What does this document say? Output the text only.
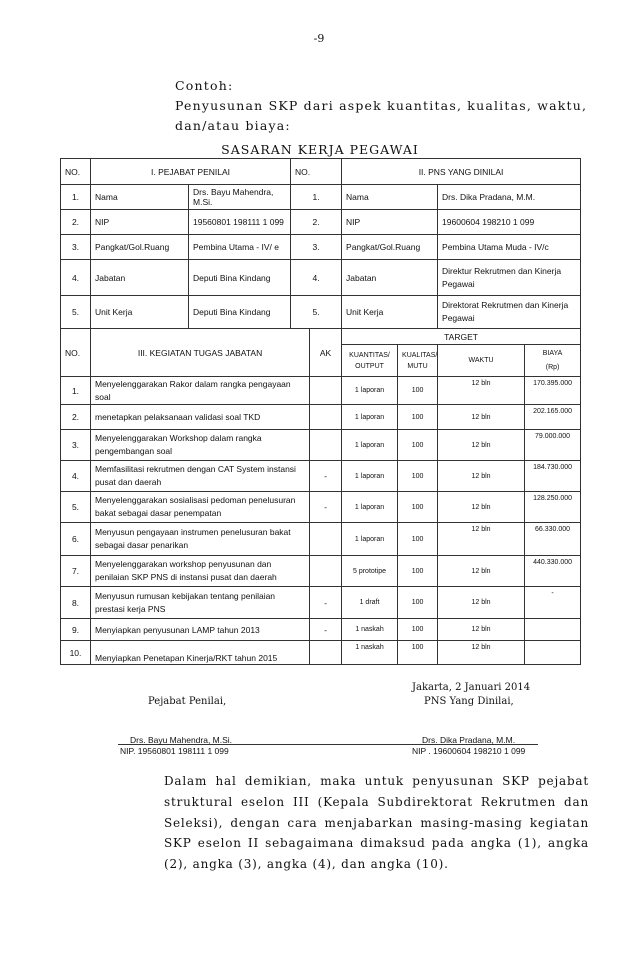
-9
Contoh:
Penyusunan SKP dari aspek kuantitas, kualitas, waktu,
dan/atau biaya:
SASARAN KERJA PEGAWAI
NO.	I. PEJABAT PENILAI		NO.		II. PNS YANG DINILAI			
1.	Nama	Drs. Bayu Mahendra, M.Si.	1.		Nama		Drs. Dika Pradana, M.M.	
2.	NIP	19560801 198111 1 099	2.		NIP		19600604 198210 1 099	
3.	Pangkat/Gol.Ruang	Pembina Utama - IV/ e	3.		Pangkat/Gol.Ruang		Pembina Utama Muda - IV/c	
4.	Jabatan	Deputi Bina Kindang	4.		Jabatan		Direktur Rekrutmen dan Kinerja Pegawai	
5.	Unit Kerja	Deputi Bina Kindang	5.		Unit Kerja		Direktorat Rekrutmen dan Kinerja Pegawai	
NO.	III. KEGIATAN TUGAS JABATAN			AK	TARGET			
					KUANTITAS/ OUTPUT	KUALITAS/ MUTU	WAKTU	BIAYA
(Rp)

1.	Menyelenggarakan Rakor dalam rangka pengayaan soal				1 laporan	100	12 bln	170.395.000
2.	menetapkan pelaksanaan validasi soal TKD				1 laporan	100	12 bln	202.165.000
3.	Menyelenggarakan Workshop dalam rangka pengembangan soal				1 laporan	100	12 bln	79.000.000
4.	Memfasilitasi rekrutmen dengan CAT System instansi pusat dan daerah			-	1 laporan	100	12 bln	184.730.000
5.	Menyelenggarakan sosialisasi pedoman penelusuran bakat sebagai dasar penempatan			-	1 laporan	100	12 bln	128.250.000
6.	Menyusun pengayaan instrumen penelusuran bakat sebagai dasar penarikan				1 laporan	100	12 bln	66.330.000
7.	Menyelenggarakan workshop penyusunan dan penilaian SKP PNS di instansi pusat dan daerah				5 prototipe	100	12 bln	440.330.000
8.	Menyusun rumusan kebijakan tentang penilaian prestasi kerja PNS			-	1 draft	100	12 bln	-
9.	Menyiapkan penyusunan LAMP tahun 2013			-	1 naskah	100	12 bln	
10.	Menyiapkan Penetapan Kinerja/RKT tahun 2015				1 naskah	100	12 bln	
Jakarta, 2 Januari 2014
Pejabat Penilai,	PNS Yang Dinilai,
Drs. Bayu Mahendra, M.Si.
NIP. 19560801 198111 1 099
Drs. Dika Pradana, M.M.
NIP . 19600604 198210 1 099
Dalam hal demikian, maka untuk penyusunan SKP pejabat struktural eselon III (Kepala Subdirektorat Rekrutmen dan Seleksi), dengan cara menjabarkan masing-masing kegiatan SKP eselon II sebagaimana dimaksud pada angka (1), angka (2), angka (3), angka (4), dan angka (10).
